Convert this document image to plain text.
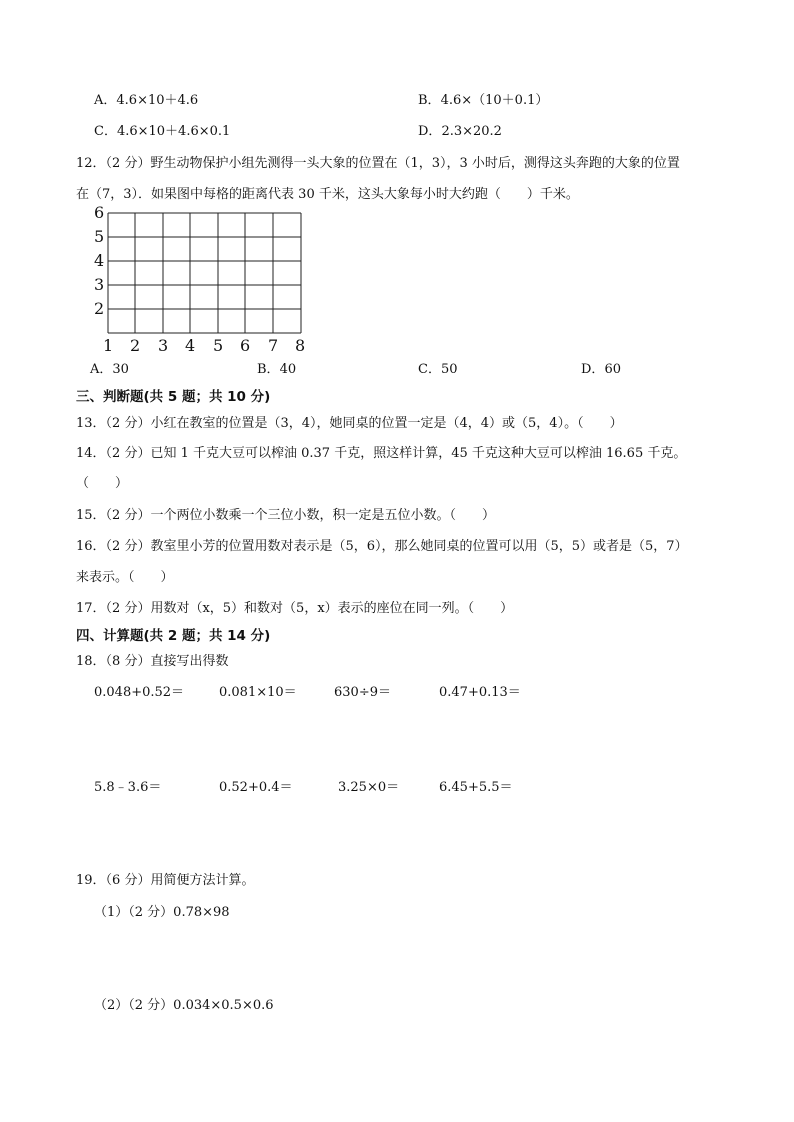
A．4.6×10＋4.6	B．4.6×（10＋0.1）
C．4.6×10＋4.6×0.1	D．2.3×20.2
12．（2 分）野生动物保护小组先测得一头大象的位置在（1，3），3 小时后，测得这头奔跑的大象的位置
在（7，3）．如果图中每格的距离代表 30 千米，这头大象每小时大约跑（　　）千米。
6
5
4
3
2
1 2 3 4 5 6 7 8
A．30	B．40	C．50	D．60
三、判断题(共 5 题；共 10 分)
13．（2 分）小红在教室的位置是（3，4），她同桌的位置一定是（4，4）或（5，4）。（　　）
14．（2 分）已知 1 千克大豆可以榨油 0.37 千克，照这样计算，45 千克这种大豆可以榨油 16.65 千克。
（　　）
15．（2 分）一个两位小数乘一个三位小数，积一定是五位小数。（　　）
16．（2 分）教室里小芳的位置用数对表示是（5，6），那么她同桌的位置可以用（5，5）或者是（5，7）
来表示。（　　）
17．（2 分）用数对（x，5）和数对（5，x）表示的座位在同一列。（　　）
四、计算题(共 2 题；共 14 分)
18．（8 分）直接写出得数
0.048+0.52＝	0.081×10＝	630÷9＝	0.47+0.13＝
5.8﹣3.6＝	0.52+0.4＝	3.25×0＝	6.45+5.5＝
19．（6 分）用简便方法计算。
（1）（2 分）0.78×98
（2）（2 分）0.034×0.5×0.6
